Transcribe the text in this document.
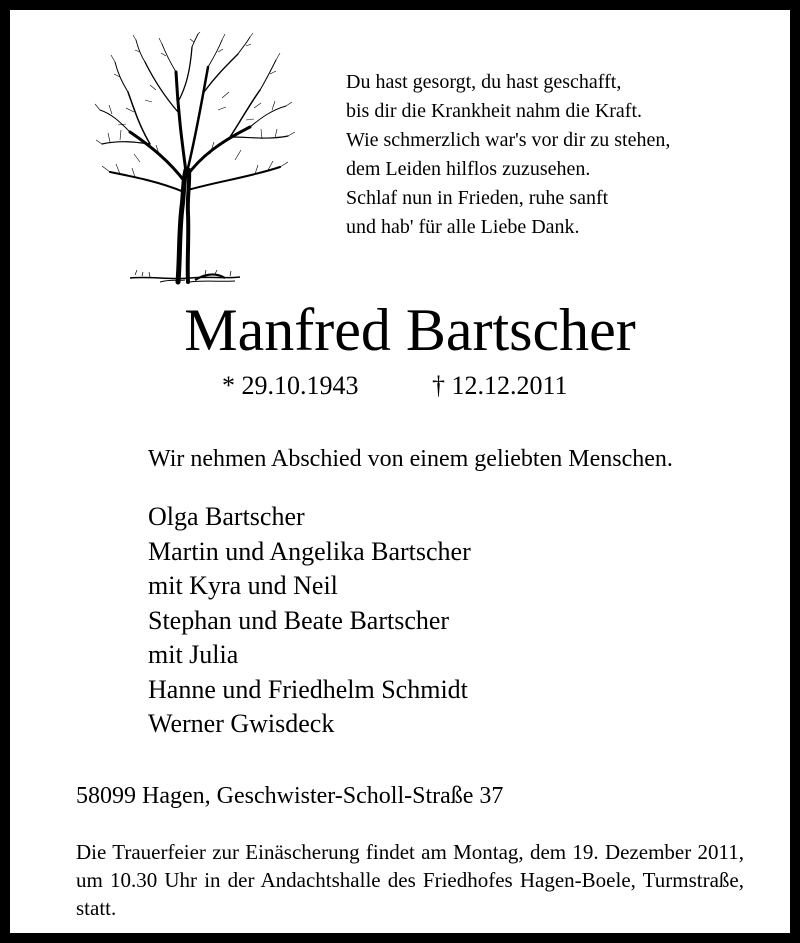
Du hast gesorgt, du hast geschafft,
bis dir die Krankheit nahm die Kraft.
Wie schmerzlich war's vor dir zu stehen,
dem Leiden hilflos zuzusehen.
Schlaf nun in Frieden, ruhe sanft
und hab' für alle Liebe Dank.
Manfred Bartscher
* 29.10.1943	† 12.12.2011
Wir nehmen Abschied von einem geliebten Menschen.
Olga Bartscher
Martin und Angelika Bartscher
mit Kyra und Neil
Stephan und Beate Bartscher
mit Julia
Hanne und Friedhelm Schmidt
Werner Gwisdeck
58099 Hagen, Geschwister-Scholl-Straße 37
Die Trauerfeier zur Einäscherung findet am Montag, dem 19. Dezember 2011, um 10.30 Uhr in der Andachtshalle des Friedhofes Hagen-Boele, Turmstraße, statt.
